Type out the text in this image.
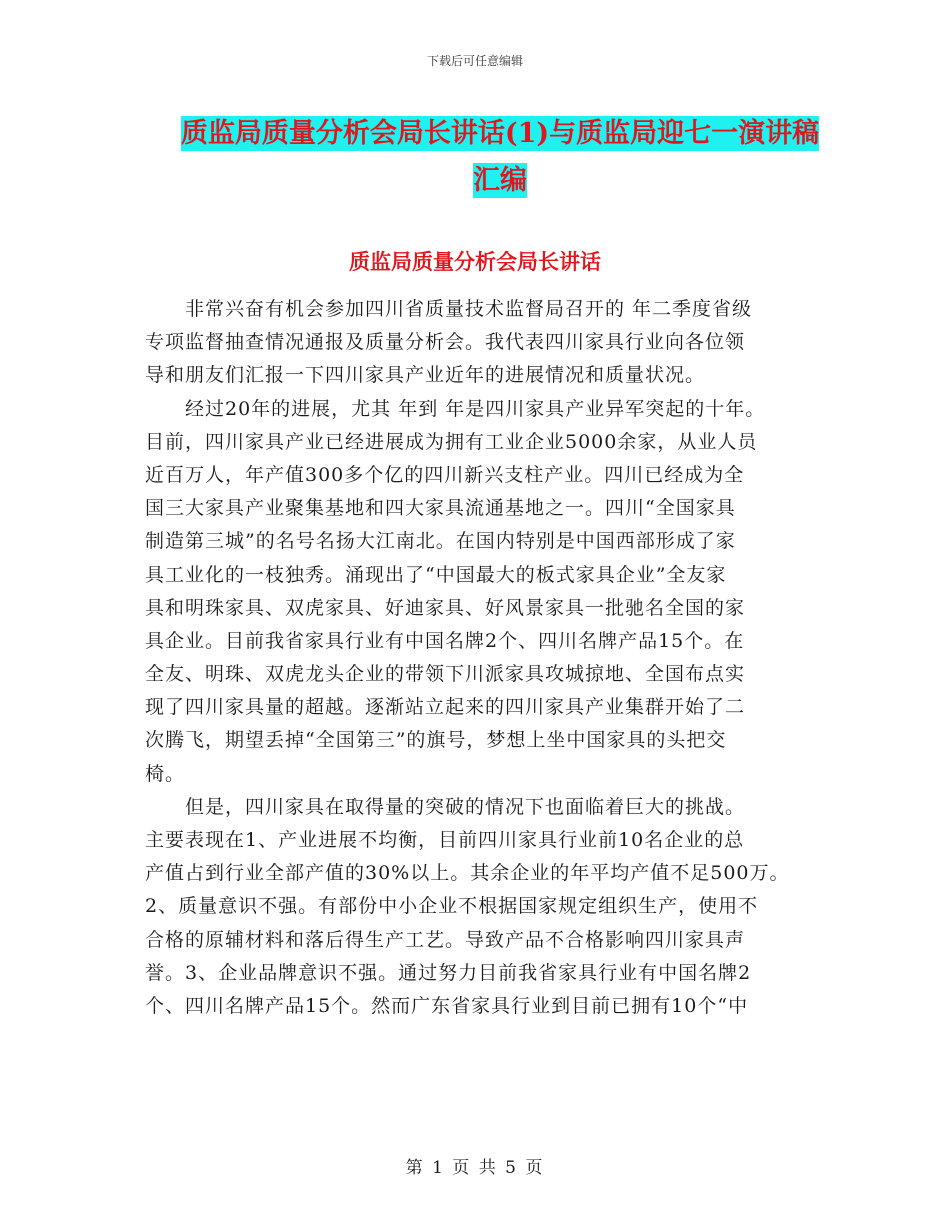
下载后可任意编辑
质监局质量分析会局长讲话(1)与质监局迎七一演讲稿
汇编
质监局质量分析会局长讲话
　　非常兴奋有机会参加四川省质量技术监督局召开的 年二季度省级
专项监督抽查情况通报及质量分析会。我代表四川家具行业向各位领
导和朋友们汇报一下四川家具产业近年的进展情况和质量状况。
　　经过20年的进展，尤其 年到 年是四川家具产业异军突起的十年。
目前，四川家具产业已经进展成为拥有工业企业5000余家，从业人员
近百万人，年产值300多个亿的四川新兴支柱产业。四川已经成为全
国三大家具产业聚集基地和四大家具流通基地之一。四川“全国家具
制造第三城”的名号名扬大江南北。在国内特别是中国西部形成了家
具工业化的一枝独秀。涌现出了“中国最大的板式家具企业”全友家
具和明珠家具、双虎家具、好迪家具、好风景家具一批驰名全国的家
具企业。目前我省家具行业有中国名牌2个、四川名牌产品15个。在
全友、明珠、双虎龙头企业的带领下川派家具攻城掠地、全国布点实
现了四川家具量的超越。逐渐站立起来的四川家具产业集群开始了二
次腾飞，期望丢掉“全国第三”的旗号，梦想上坐中国家具的头把交
椅。
　　但是，四川家具在取得量的突破的情况下也面临着巨大的挑战。
主要表现在1、产业进展不均衡，目前四川家具行业前10名企业的总
产值占到行业全部产值的30%以上。其余企业的年平均产值不足500万。
2、质量意识不强。有部份中小企业不根据国家规定组织生产，使用不
合格的原辅材料和落后得生产工艺。导致产品不合格影响四川家具声
誉。3、企业品牌意识不强。通过努力目前我省家具行业有中国名牌2
个、四川名牌产品15个。然而广东省家具行业到目前已拥有10个“中
第 1 页 共 5 页
